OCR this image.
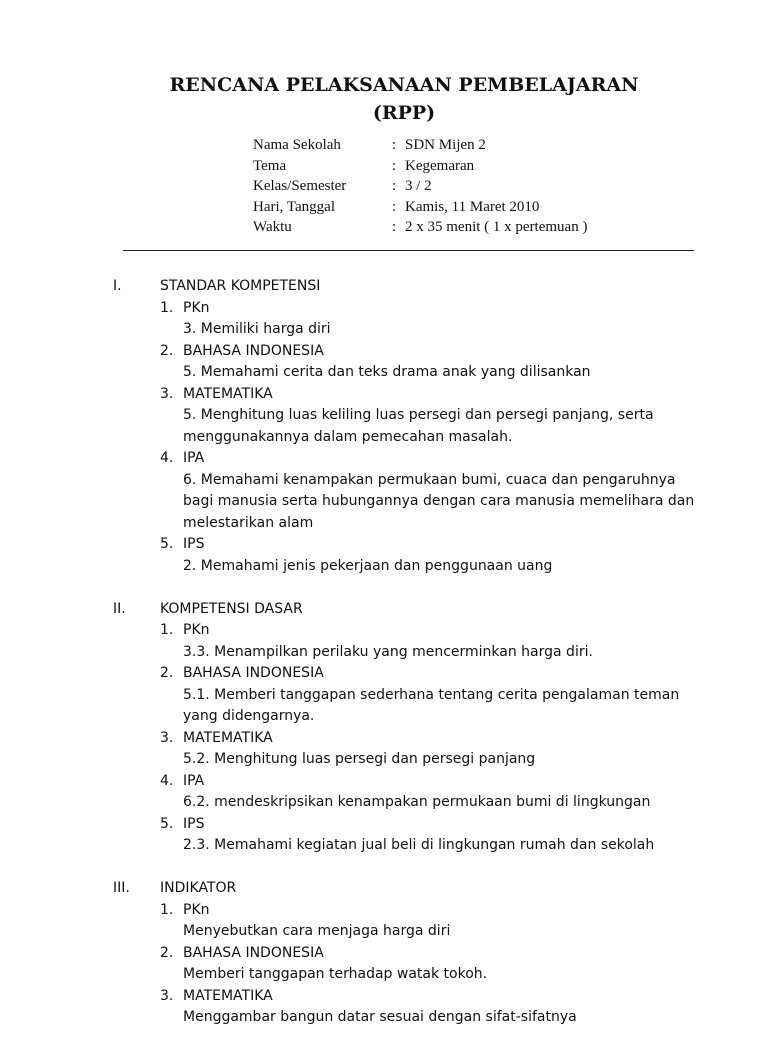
RENCANA PELAKSANAAN PEMBELAJARAN
(RPP)
Nama Sekolah	: SDN Mijen 2
Tema	: Kegemaran
Kelas/Semester	: 3 / 2
Hari, Tanggal	: Kamis, 11 Maret 2010
Waktu	: 2 x 35 menit ( 1 x pertemuan )
I.	STANDAR KOMPETENSI
1. PKn
3. Memiliki harga diri
2. BAHASA INDONESIA
5. Memahami cerita dan teks drama anak yang dilisankan
3. MATEMATIKA
5. Menghitung luas keliling luas persegi dan persegi panjang, serta menggunakannya dalam pemecahan masalah.
4. IPA
6. Memahami kenampakan permukaan bumi, cuaca dan pengaruhnya bagi manusia serta hubungannya dengan cara manusia memelihara dan melestarikan alam
5. IPS
2. Memahami jenis pekerjaan dan penggunaan uang
II. KOMPETENSI DASAR
1. PKn
3.3. Menampilkan perilaku yang mencerminkan harga diri.
2. BAHASA INDONESIA
5.1. Memberi tanggapan sederhana tentang cerita pengalaman teman yang didengarnya.
3. MATEMATIKA
5.2. Menghitung luas persegi dan persegi panjang
4. IPA
6.2. mendeskripsikan kenampakan permukaan bumi di lingkungan
5. IPS
2.3. Memahami kegiatan jual beli di lingkungan rumah dan sekolah
III. INDIKATOR
1. PKn
Menyebutkan cara menjaga harga diri
2. BAHASA INDONESIA
Memberi tanggapan terhadap watak tokoh.
3. MATEMATIKA
Menggambar bangun datar sesuai dengan sifat-sifatnya
